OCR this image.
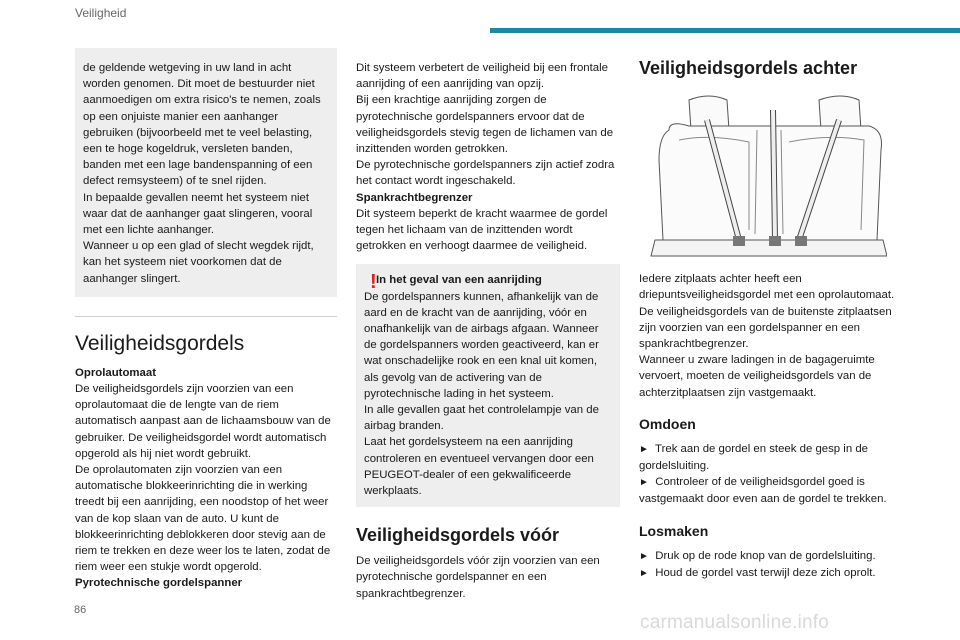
Veiligheid

de geldende wetgeving in uw land in acht worden genomen. Dit moet de bestuurder niet aanmoedigen om extra risico's te nemen, zoals op een onjuiste manier een aanhanger gebruiken (bijvoorbeeld met te veel belasting, een te hoge kogeldruk, versleten banden, banden met een lage bandenspanning of een defect remsysteem) of te snel rijden.

In bepaalde gevallen neemt het systeem niet waar dat de aanhanger gaat slingeren, vooral met een lichte aanhanger.

Wanneer u op een glad of slecht wegdek rijdt, kan het systeem niet voorkomen dat de aanhanger slingert.

Veiligheidsgordels

Oprolautomaat

De veiligheidsgordels zijn voorzien van een oprolautomaat die de lengte van de riem automatisch aanpast aan de lichaamsbouw van de gebruiker. De veiligheidsgordel wordt automatisch opgerold als hij niet wordt gebruikt.

De oprolautomaten zijn voorzien van een automatische blokkeerinrichting die in werking treedt bij een aanrijding, een noodstop of het weer van de kop slaan van de auto. U kunt de blokkeerinrichting deblokkeren door stevig aan de riem te trekken en deze weer los te laten, zodat de riem weer een stukje wordt opgerold.

Pyrotechnische gordelspanner

Dit systeem verbetert de veiligheid bij een frontale aanrijding of een aanrijding van opzij.

Bij een krachtige aanrijding zorgen de pyrotechnische gordelspanners ervoor dat de veiligheidsgordels stevig tegen de lichamen van de inzittenden worden getrokken.

De pyrotechnische gordelspanners zijn actief zodra het contact wordt ingeschakeld.

Spankrachtbegrenzer

Dit systeem beperkt de kracht waarmee de gordel tegen het lichaam van de inzittenden wordt getrokken en verhoogt daarmee de veiligheid.

! In het geval van een aanrijding

De gordelspanners kunnen, afhankelijk van de aard en de kracht van de aanrijding, vóór en onafhankelijk van de airbags afgaan. Wanneer de gordelspanners worden geactiveerd, kan er wat onschadelijke rook en een knal uit komen, als gevolg van de activering van de pyrotechnische lading in het systeem.

In alle gevallen gaat het controlelampje van de airbag branden.

Laat het gordelsysteem na een aanrijding controleren en eventueel vervangen door een PEUGEOT-dealer of een gekwalificeerde werkplaats.

Veiligheidsgordels vóór

De veiligheidsgordels vóór zijn voorzien van een pyrotechnische gordelspanner en een spankrachtbegrenzer.

Veiligheidsgordels achter

Iedere zitplaats achter heeft een driepuntsveiligheidsgordel met een oprolautomaat.

De veiligheidsgordels van de buitenste zitplaatsen zijn voorzien van een gordelspanner en een spankrachtbegrenzer.

Wanneer u zware ladingen in de bagageruimte vervoert, moeten de veiligheidsgordels van de achterzitplaatsen zijn vastgemaakt.

Omdoen

► Trek aan de gordel en steek de gesp in de gordelsluiting.

► Controleer of de veiligheidsgordel goed is vastgemaakt door even aan de gordel te trekken.

Losmaken

► Druk op de rode knop van de gordelsluiting.

► Houd de gordel vast terwijl deze zich oprolt.

86
carmanualsonline.info
